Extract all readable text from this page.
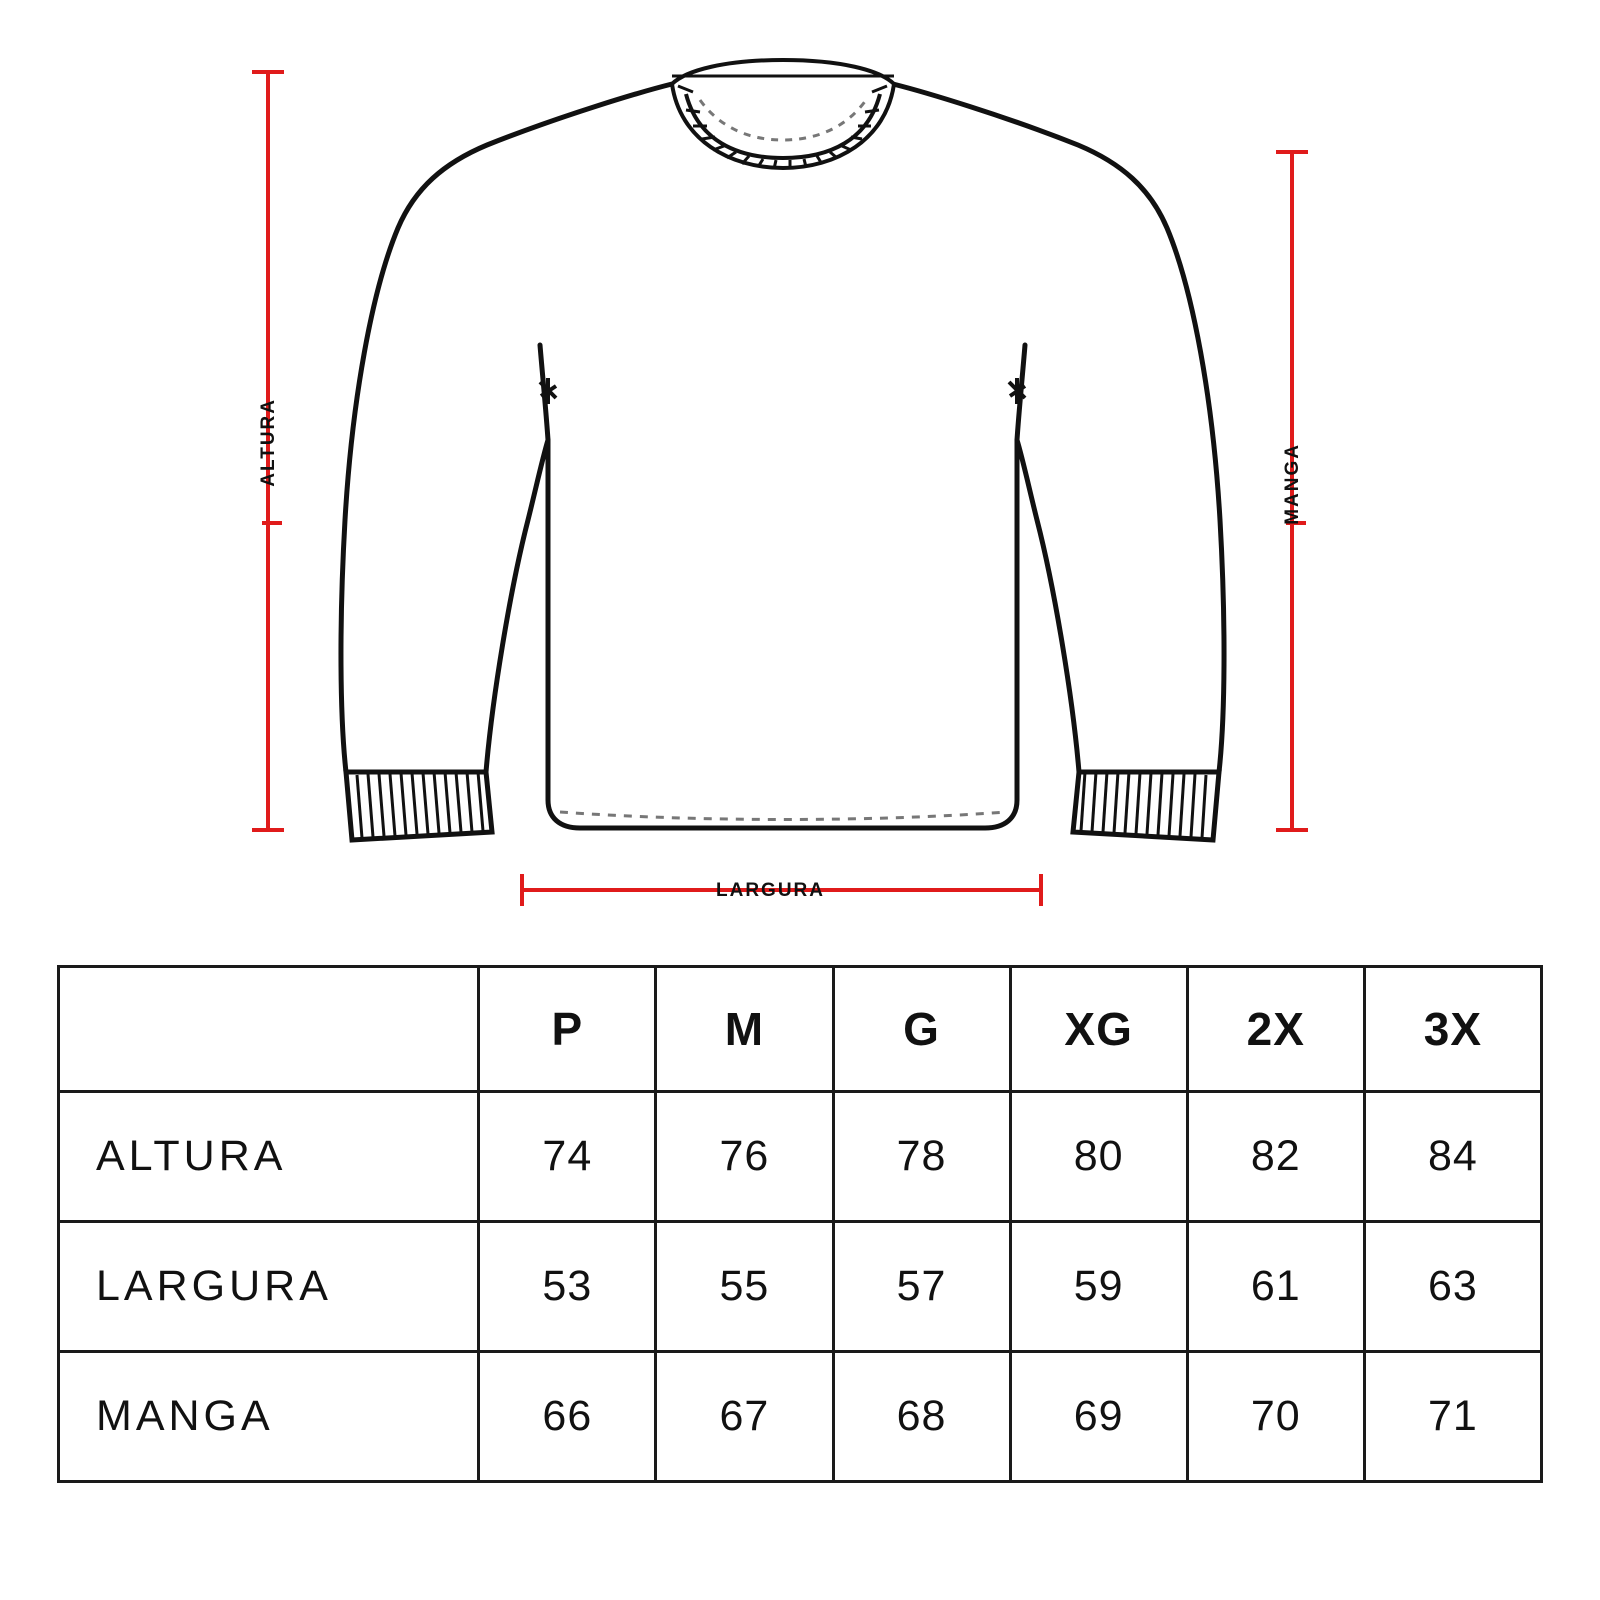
ALTURA	MANGA
LARGURA
	P	M	G	XG	2X	3X
ALTURA	74	76	78	80	82	84
LARGURA	53	55	57	59	61	63
MANGA	66	67	68	69	70	71
